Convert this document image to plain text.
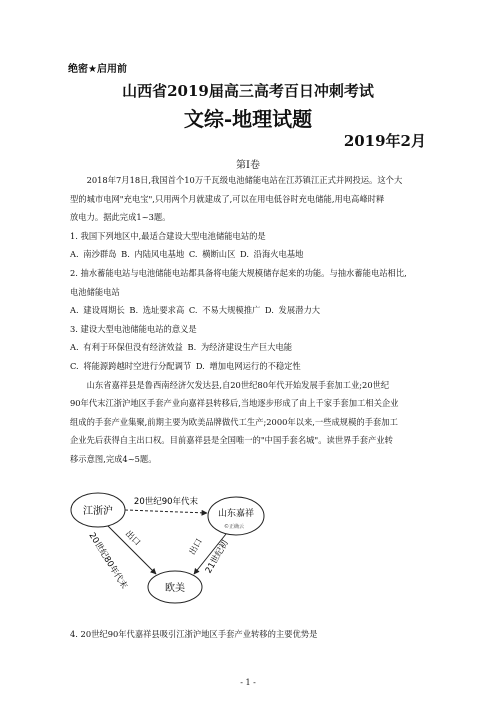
绝密★启用前
山西省2019届高三高考百日冲刺考试
文综-地理试题
2019年2月
第Ⅰ卷

2018年7月18日,我国首个10万千瓦级电池储能电站在江苏镇江正式并网投运。这个大

型的城市电网"充电宝",只用两个月就建成了,可以在用电低谷时充电储能,用电高峰时释

放电力。据此完成1~3题。

1. 我国下列地区中,最适合建设大型电池储能电站的是

A. 南沙群岛 B. 内陆风电基地 C. 横断山区 D. 沿海火电基地

2. 抽水蓄能电站与电池储能电站都具备将电能大规模储存起来的功能。与抽水蓄能电站相比,

电池储能电站

A. 建设周期长 B. 选址要求高 C. 不易大规模推广 D. 发展潜力大

3. 建设大型电池储能电站的意义是

A. 有利于环保但没有经济效益 B. 为经济建设生产巨大电能

C. 将能源跨越时空进行分配调节 D. 增加电网运行的不稳定性

山东省嘉祥县是鲁西南经济欠发达县,自20世纪80年代开始发展手套加工业;20世纪

90年代末江浙沪地区手套产业向嘉祥县转移后,当地逐步形成了由上千家手套加工相关企业

组成的手套产业集聚,前期主要为欧美品牌做代工生产;2000年以来,一些成规模的手套加工

企业先后获得自主出口权。目前嘉祥县是全国唯一的"中国手套名城"。读世界手套产业转

移示意图,完成4~5题。

江浙沪	山东嘉祥
©正确云
欧美
20世纪90年代末
出口
20世纪80年代末	出口 21世纪初
4. 20世纪90年代嘉祥县吸引江浙沪地区手套产业转移的主要优势是
- 1 -
